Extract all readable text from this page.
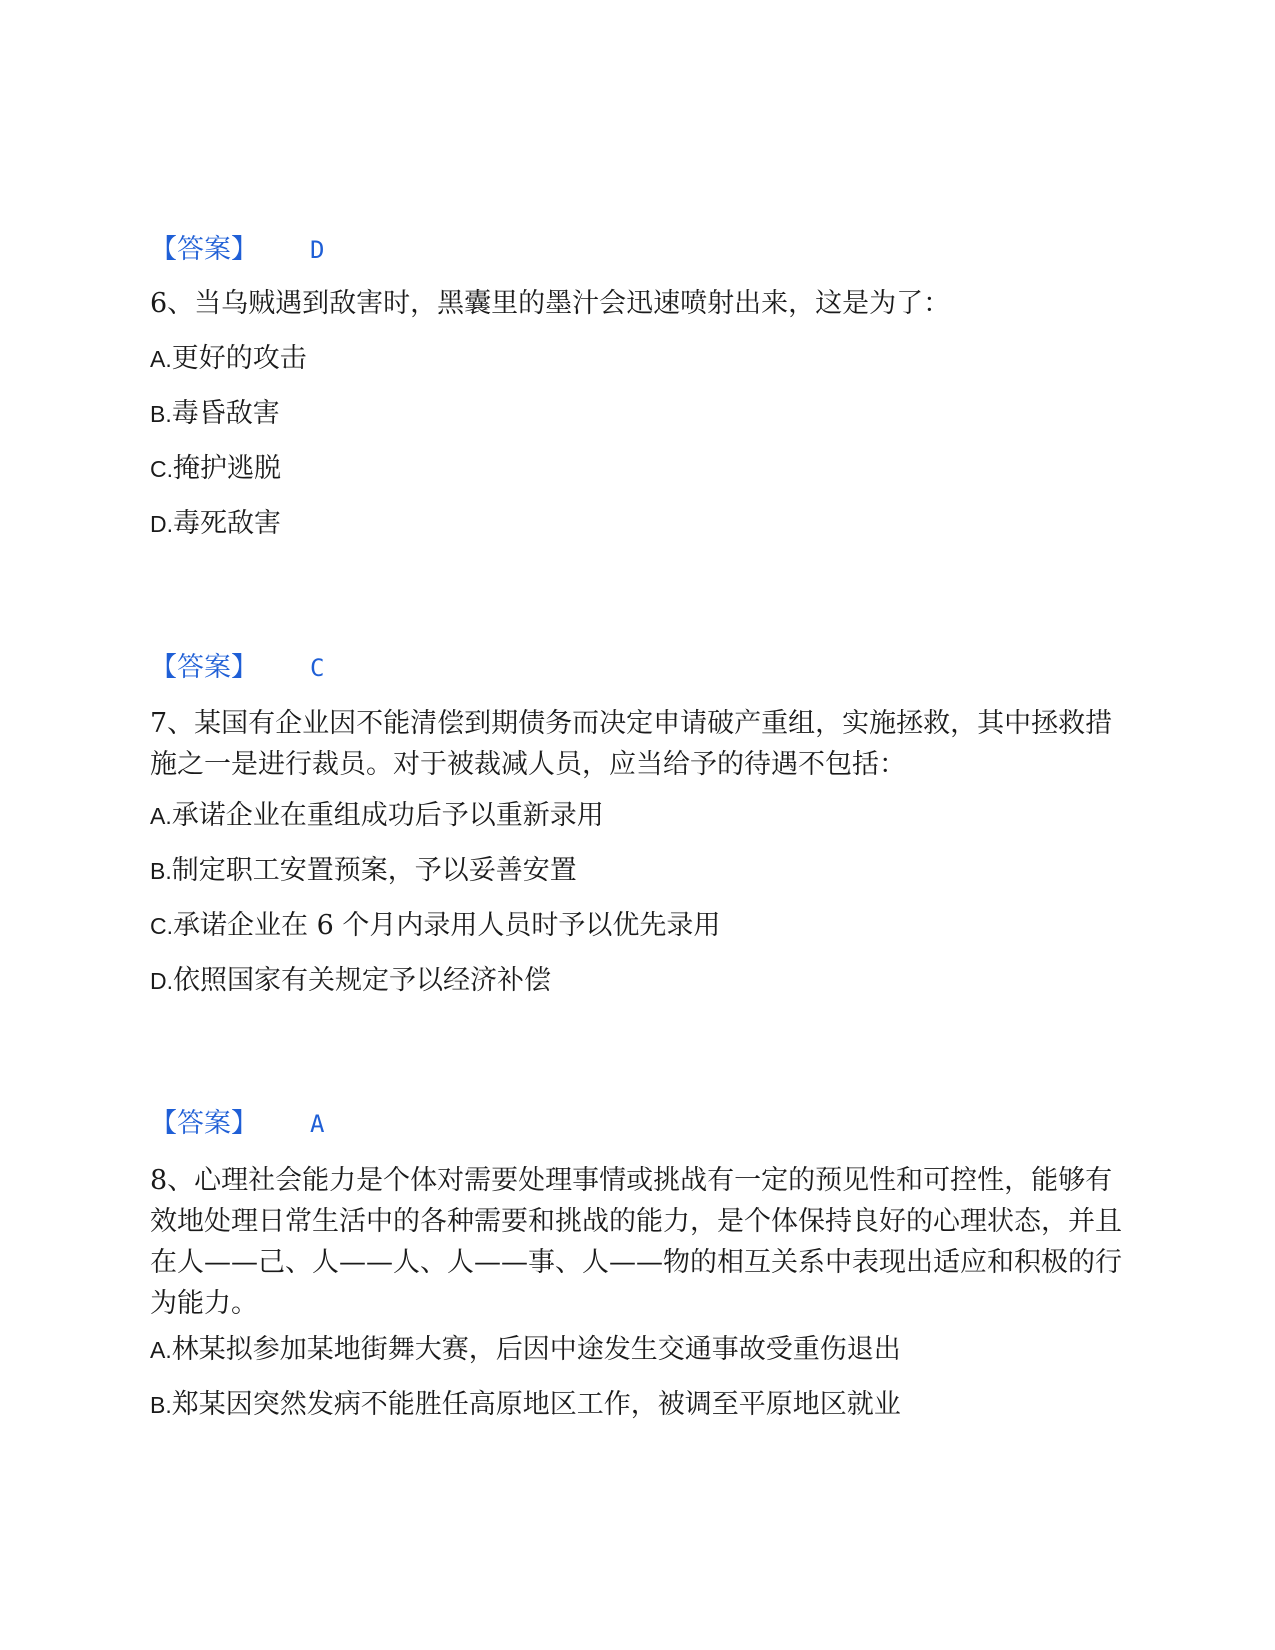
【答案】 D
6、当乌贼遇到敌害时，黑囊里的墨汁会迅速喷射出来，这是为了：
A.更好的攻击
B.毒昏敌害
C.掩护逃脱
D.毒死敌害
【答案】 C
7、某国有企业因不能清偿到期债务而决定申请破产重组，实施拯救，其中拯救措施之一是进行裁员。对于被裁减人员，应当给予的待遇不包括：
A.承诺企业在重组成功后予以重新录用
B.制定职工安置预案，予以妥善安置
C.承诺企业在 6 个月内录用人员时予以优先录用
D.依照国家有关规定予以经济补偿
【答案】 A
8、心理社会能力是个体对需要处理事情或挑战有一定的预见性和可控性，能够有效地处理日常生活中的各种需要和挑战的能力，是个体保持良好的心理状态，并且在人——己、人——人、人——事、人——物的相互关系中表现出适应和积极的行为能力。
A.林某拟参加某地街舞大赛，后因中途发生交通事故受重伤退出
B.郑某因突然发病不能胜任高原地区工作，被调至平原地区就业
